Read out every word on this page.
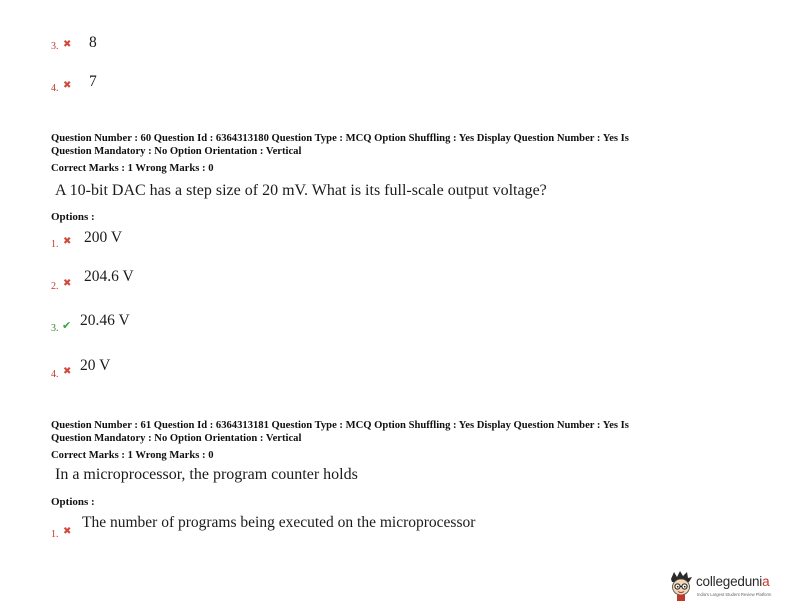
3. ✖ 8
4. ✖ 7
Question Number : 60 Question Id : 6364313180 Question Type : MCQ Option Shuffling : Yes Display Question Number : Yes Is
Question Mandatory : No Option Orientation : Vertical
Correct Marks : 1 Wrong Marks : 0
A 10-bit DAC has a step size of 20 mV. What is its full-scale output voltage?
Options :
1. ✖ 200 V
2. ✖ 204.6 V
3. ✔ 20.46 V
4. ✖ 20 V
Question Number : 61 Question Id : 6364313181 Question Type : MCQ Option Shuffling : Yes Display Question Number : Yes Is
Question Mandatory : No Option Orientation : Vertical
Correct Marks : 1 Wrong Marks : 0
In a microprocessor, the program counter holds
Options :
1. ✖
The number of programs being executed on the microprocessor
collegedunia
India's Largest Student Review Platform
